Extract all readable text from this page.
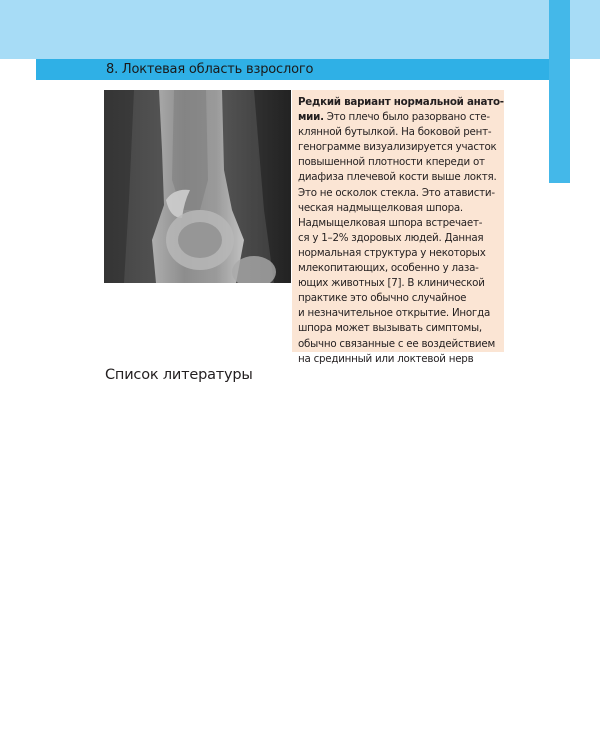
8. Локтевая область взрослого
Редкий вариант нормальной анато-
мии. Это плечо было разорвано сте-
клянной бутылкой. На боковой рент-
генограмме визуализируется участок
повышенной плотности кпереди от
диафиза плечевой кости выше локтя.
Это не осколок стекла. Это атависти-
ческая надмыщелковая шпора.
Надмыщелковая шпора встречает-
ся у 1–2% здоровых людей. Данная
нормальная структура у некоторых
млекопитающих, особенно у лаза-
ющих животных [7]. В клинической
практике это обычно случайное
и незначительное открытие. Иногда
шпора может вызывать симптомы,
обычно связанные с ее воздействием
на срединный или локтевой нерв
Список литературы
